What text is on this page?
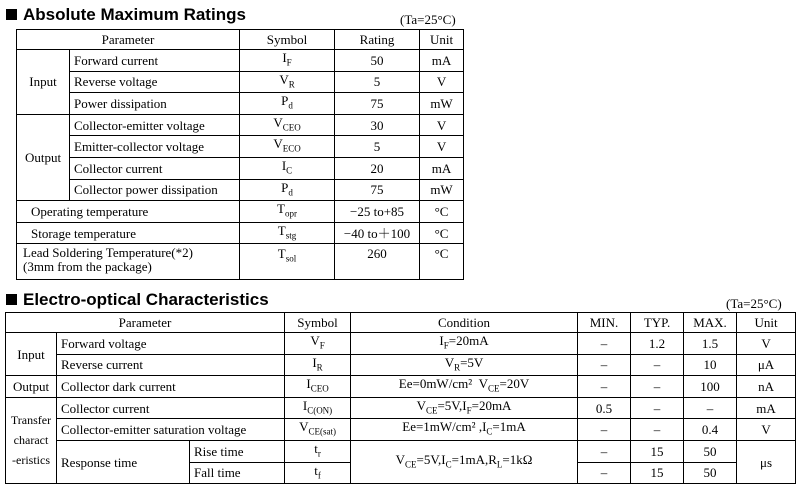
Absolute Maximum Ratings	(Ta=25°C)
Parameter		Symbol	Rating	Unit
Input	Forward current	$I_F$	50	mA
	Reverse voltage	$V_R$	5	V
	Power dissipation	$P_d$	75	mW
Output	Collector-emitter voltage	$V_{CEO}$	30	V
	Emitter-collector voltage	$V_{ECO}$	5	V
	Collector current	$I_C$	20	mA
	Collector power dissipation	$P_d$	75	mW
Operating temperature		$T_{opr}$	−25 to+85	°C
Storage temperature		$T_{stg}$	−40 to＋100	°C

Lead Soldering Temperature(*2)
(3mm from the package)		$T_{sol}$	260	°C
Electro-optical Characteristics	(Ta=25°C)
Parameter			Symbol	Condition	MIN.	TYP.	MAX.	Unit
Input	Forward voltage		$V_F$	$I_F=20mA$	–	1.2	1.5	V
	Reverse current		$I_R$	$V_R=5V$	–	–	10	μA
Output	Collector dark current		$I_{CEO}$	Ee=0mW/cm²  $V_{CE}=20V$	–	–	100	nA

Transfer
charact
-eristics	Collector current		$I_{C(ON)}$	$V_{CE}=5V,I_F=20mA$	0.5	–	–	mA
	Collector-emitter saturation voltage		$V_{CE(sat)}$	Ee=1mW/cm² $,I_C=1mA$	–	–	0.4	V
	Response time	Rise time	$t_r$	$V_{CE}=5V,I_C=1mA,R_L=1k\Omega$	–	15	50	μs
		Fall time	$t_f$		–	15	50	
